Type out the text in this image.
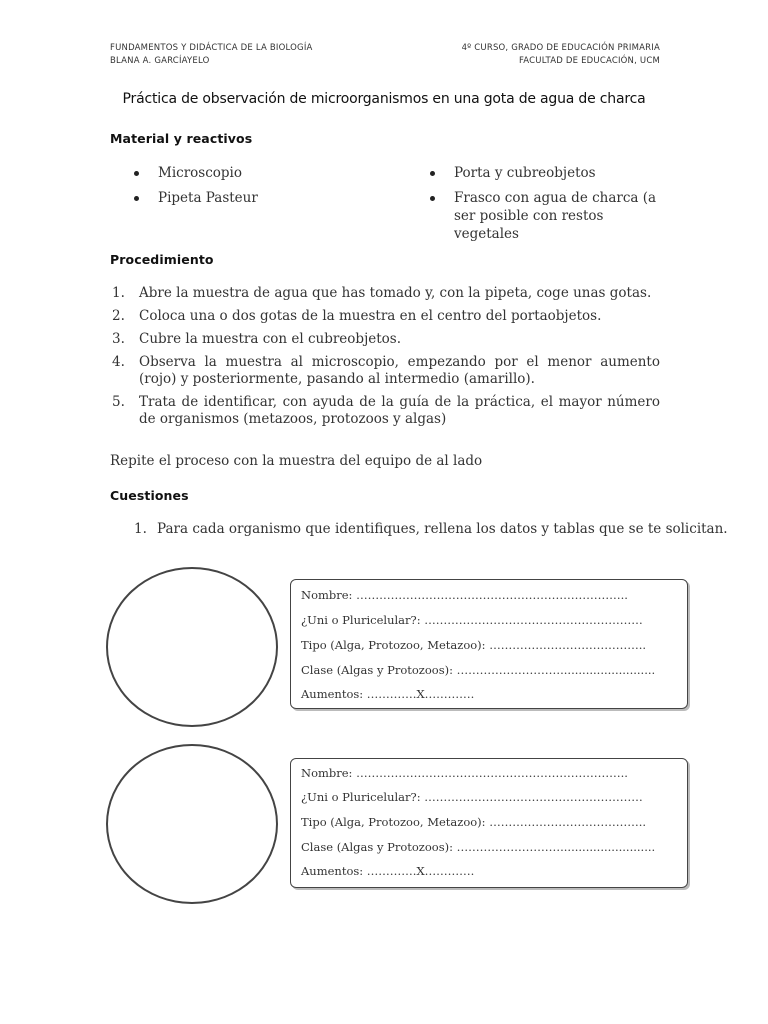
FUNDAMENTOS Y DIDÁCTICA DE LA BIOLOGÍA
BLANA A. GARCÍAYELO
4º CURSO, GRADO DE EDUCACIÓN PRIMARIA
FACULTAD DE EDUCACIÓN, UCM
Práctica de observación de microorganismos en una gota de agua de charca
Material y reactivos
Microscopio
Pipeta Pasteur
Porta y cubreobjetos
Frasco con agua de charca (a ser posible con restos vegetales
Procedimiento
1. Abre la muestra de agua que has tomado y, con la pipeta, coge unas gotas.
2. Coloca una o dos gotas de la muestra en el centro del portaobjetos.
3. Cubre la muestra con el cubreobjetos.
4. Observa la muestra al microscopio, empezando por el menor aumento (rojo) y posteriormente, pasando al intermedio (amarillo).
5. Trata de identificar, con ayuda de la guía de la práctica, el mayor número de organismos (metazoos, protozoos y algas)
Repite el proceso con la muestra del equipo de al lado
Cuestiones
1. Para cada organismo que identifiques, rellena los datos y tablas que se te solicitan.
Nombre: ……………………………………………………………..
¿Uni o Pluricelular?: …………………………………………………
Tipo (Alga, Protozoo, Metazoo): …………………………………..
Clase (Algas y Protozoos): ………………………..........................
Aumentos: ………….X………….
Nombre: ……………………………………………………………..
¿Uni o Pluricelular?: …………………………………………………
Tipo (Alga, Protozoo, Metazoo): …………………………………..
Clase (Algas y Protozoos): ………………………..........................
Aumentos: ………….X………….
